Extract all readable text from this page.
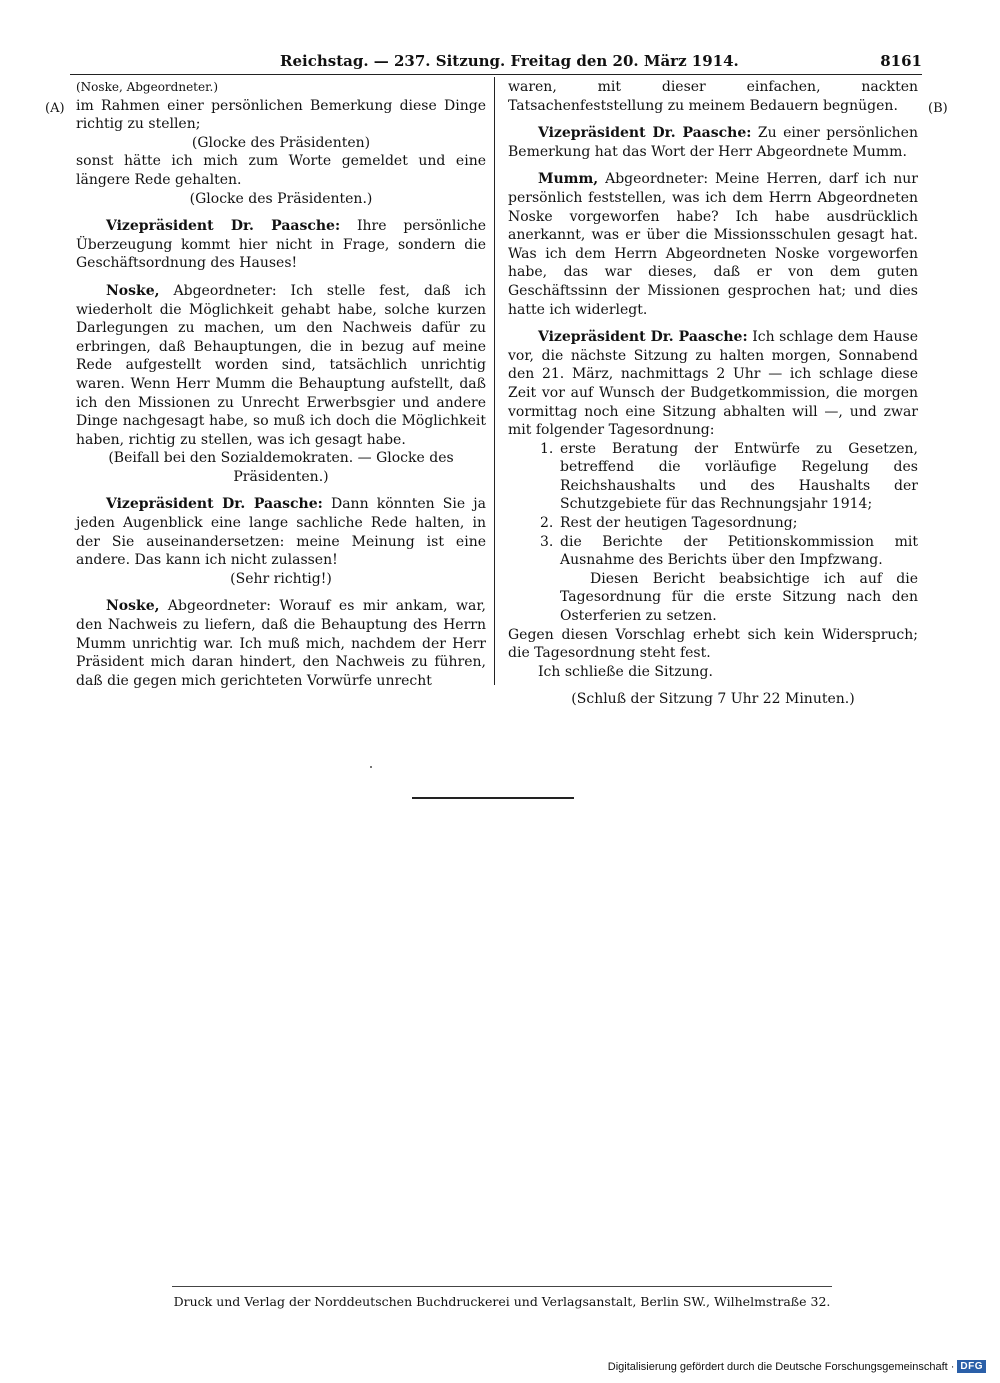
Reichstag. — 237. Sitzung. Freitag den 20. März 1914.	8161
(A)	(B)

(Noske, Abgeordneter.)

im Rahmen einer persönlichen Bemerkung diese Dinge richtig zu stellen;

(Glocke des Präsidenten)

sonst hätte ich mich zum Worte gemeldet und eine längere Rede gehalten.

(Glocke des Präsidenten.)

Vizepräsident Dr. Paasche: Ihre persönliche Überzeugung kommt hier nicht in Frage, sondern die Geschäftsordnung des Hauses!

Noske, Abgeordneter: Ich stelle fest, daß ich wiederholt die Möglichkeit gehabt habe, solche kurzen Darlegungen zu machen, um den Nachweis dafür zu erbringen, daß Behauptungen, die in bezug auf meine Rede aufgestellt worden sind, tatsächlich unrichtig waren. Wenn Herr Mumm die Behauptung aufstellt, daß ich den Missionen zu Unrecht Erwerbsgier und andere Dinge nachgesagt habe, so muß ich doch die Möglichkeit haben, richtig zu stellen, was ich gesagt habe.

(Beifall bei den Sozialdemokraten. — Glocke des Präsidenten.)

Vizepräsident Dr. Paasche: Dann könnten Sie ja jeden Augenblick eine lange sachliche Rede halten, in der Sie auseinandersetzen: meine Meinung ist eine andere. Das kann ich nicht zulassen!

(Sehr richtig!)

Noske, Abgeordneter: Worauf es mir ankam, war, den Nachweis zu liefern, daß die Behauptung des Herrn Mumm unrichtig war. Ich muß mich, nachdem der Herr Präsident mich daran hindert, den Nachweis zu führen, daß die gegen mich gerichteten Vorwürfe unrecht

waren, mit dieser einfachen, nackten Tatsachenfeststellung zu meinem Bedauern begnügen.

Vizepräsident Dr. Paasche: Zu einer persönlichen Bemerkung hat das Wort der Herr Abgeordnete Mumm.

Mumm, Abgeordneter: Meine Herren, darf ich nur persönlich feststellen, was ich dem Herrn Abgeordneten Noske vorgeworfen habe? Ich habe ausdrücklich anerkannt, was er über die Missionsschulen gesagt hat. Was ich dem Herrn Abgeordneten Noske vorgeworfen habe, das war dieses, daß er von dem guten Geschäftssinn der Missionen gesprochen hat; und dies hatte ich widerlegt.

Vizepräsident Dr. Paasche: Ich schlage dem Hause vor, die nächste Sitzung zu halten morgen, Sonnabend den 21. März, nachmittags 2 Uhr — ich schlage diese Zeit vor auf Wunsch der Budgetkommission, die morgen vormittag noch eine Sitzung abhalten will —, und zwar mit folgender Tagesordnung:

1. erste Beratung der Entwürfe zu Gesetzen, betreffend die vorläufige Regelung des Reichshaushalts und des Haushalts der Schutzgebiete für das Rechnungsjahr 1914;
2. Rest der heutigen Tagesordnung;
3. die Berichte der Petitionskommission mit Ausnahme des Berichts über den Impfzwang.

Diesen Bericht beabsichtige ich auf die Tagesordnung für die erste Sitzung nach den Osterferien zu setzen.

Gegen diesen Vorschlag erhebt sich kein Widerspruch; die Tagesordnung steht fest.

Ich schließe die Sitzung.

(Schluß der Sitzung 7 Uhr 22 Minuten.)

Druck und Verlag der Norddeutschen Buchdruckerei und Verlagsanstalt, Berlin SW., Wilhelmstraße 32.
Digitalisierung gefördert durch die Deutsche Forschungsgemeinschaft · DFG
